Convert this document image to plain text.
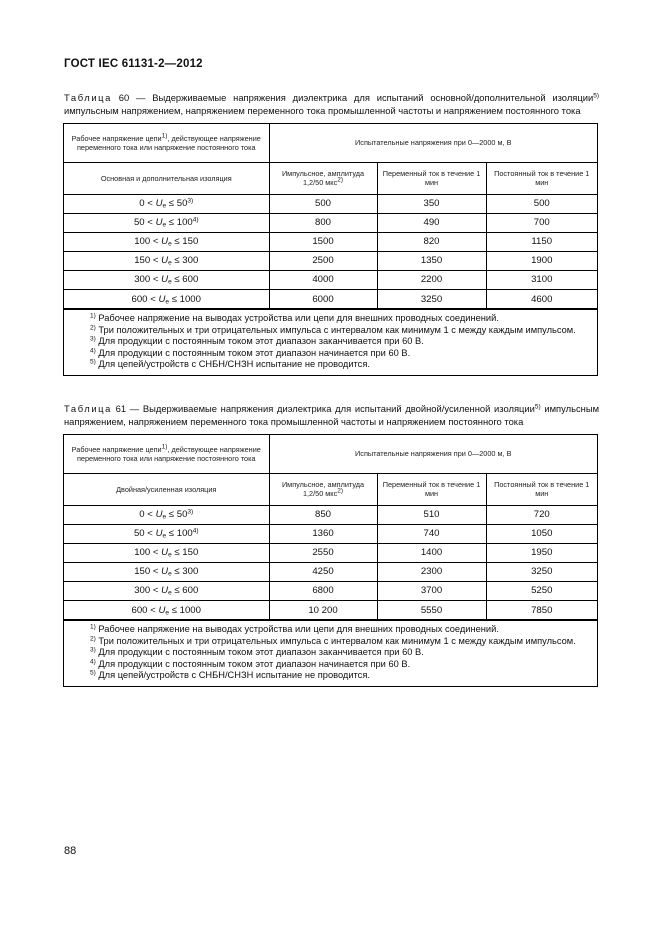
ГОСТ IEC 61131-2—2012
Таблица 60 — Выдерживаемые напряжения диэлектрика для испытаний основной/дополнительной изоляции$^{5)}$ импульсным напряжением, напряжением переменного тока промышленной частоты и напряжением постоянного тока
Рабочее напряжение цепи$^{1)}$, действующее напряжение переменного тока или напряжение постоянного тока	Испытательные напряжения при 0—2000 м, В		
Основная и дополнительная изоляция	Импульсное, амплитуда 1,2/50 мкс$^{2)}$	Переменный ток в течение 1 мин	Постоянный ток в течение 1 мин
$0 < U_e \le 50^{3)}$	500	350	500
$50 < U_e \le 100^{4)}$	800	490	700
$100 < U_e \le 150$	1500	820	1150
$150 < U_e \le 300$	2500	1350	1900
$300 < U_e \le 600$	4000	2200	3100
$600 < U_e \le 1000$	6000	3250	4600
$^{1)}$ Рабочее напряжение на выводах устройства или цепи для внешних проводных соединений.
$^{2)}$ Три положительных и три отрицательных импульса с интервалом как минимум 1 с между каждым импульсом.
$^{3)}$ Для продукции с постоянным током этот диапазон заканчивается при 60 В.
$^{4)}$ Для продукции с постоянным током этот диапазон начинается при 60 В.
$^{5)}$ Для цепей/устройств с СНБН/СНЗН испытание не проводится.
Таблица 61 — Выдерживаемые напряжения диэлектрика для испытаний двойной/усиленной изоляции$^{5)}$ импульсным напряжением, напряжением переменного тока промышленной частоты и напряжением постоянного тока
Рабочее напряжение цепи$^{1)}$, действующее напряжение переменного тока или напряжение постоянного тока	Испытательные напряжения при 0—2000 м, В		
Двойная/усиленная изоляция	Импульсное, амплитуда 1,2/50 мкс$^{2)}$	Переменный ток в течение 1 мин	Постоянный ток в течение 1 мин
$0 < U_e \le 50^{3)}$	850	510	720
$50 < U_e \le 100^{4)}$	1360	740	1050
$100 < U_e \le 150$	2550	1400	1950
$150 < U_e \le 300$	4250	2300	3250
$300 < U_e \le 600$	6800	3700	5250
$600 < U_e \le 1000$	10 200	5550	7850
$^{1)}$ Рабочее напряжение на выводах устройства или цепи для внешних проводных соединений.
$^{2)}$ Три положительных и три отрицательных импульса с интервалом как минимум 1 с между каждым импульсом.
$^{3)}$ Для продукции с постоянным током этот диапазон заканчивается при 60 В.
$^{4)}$ Для продукции с постоянным током этот диапазон начинается при 60 В.
$^{5)}$ Для цепей/устройств с СНБН/СНЗН испытание не проводится.
88
